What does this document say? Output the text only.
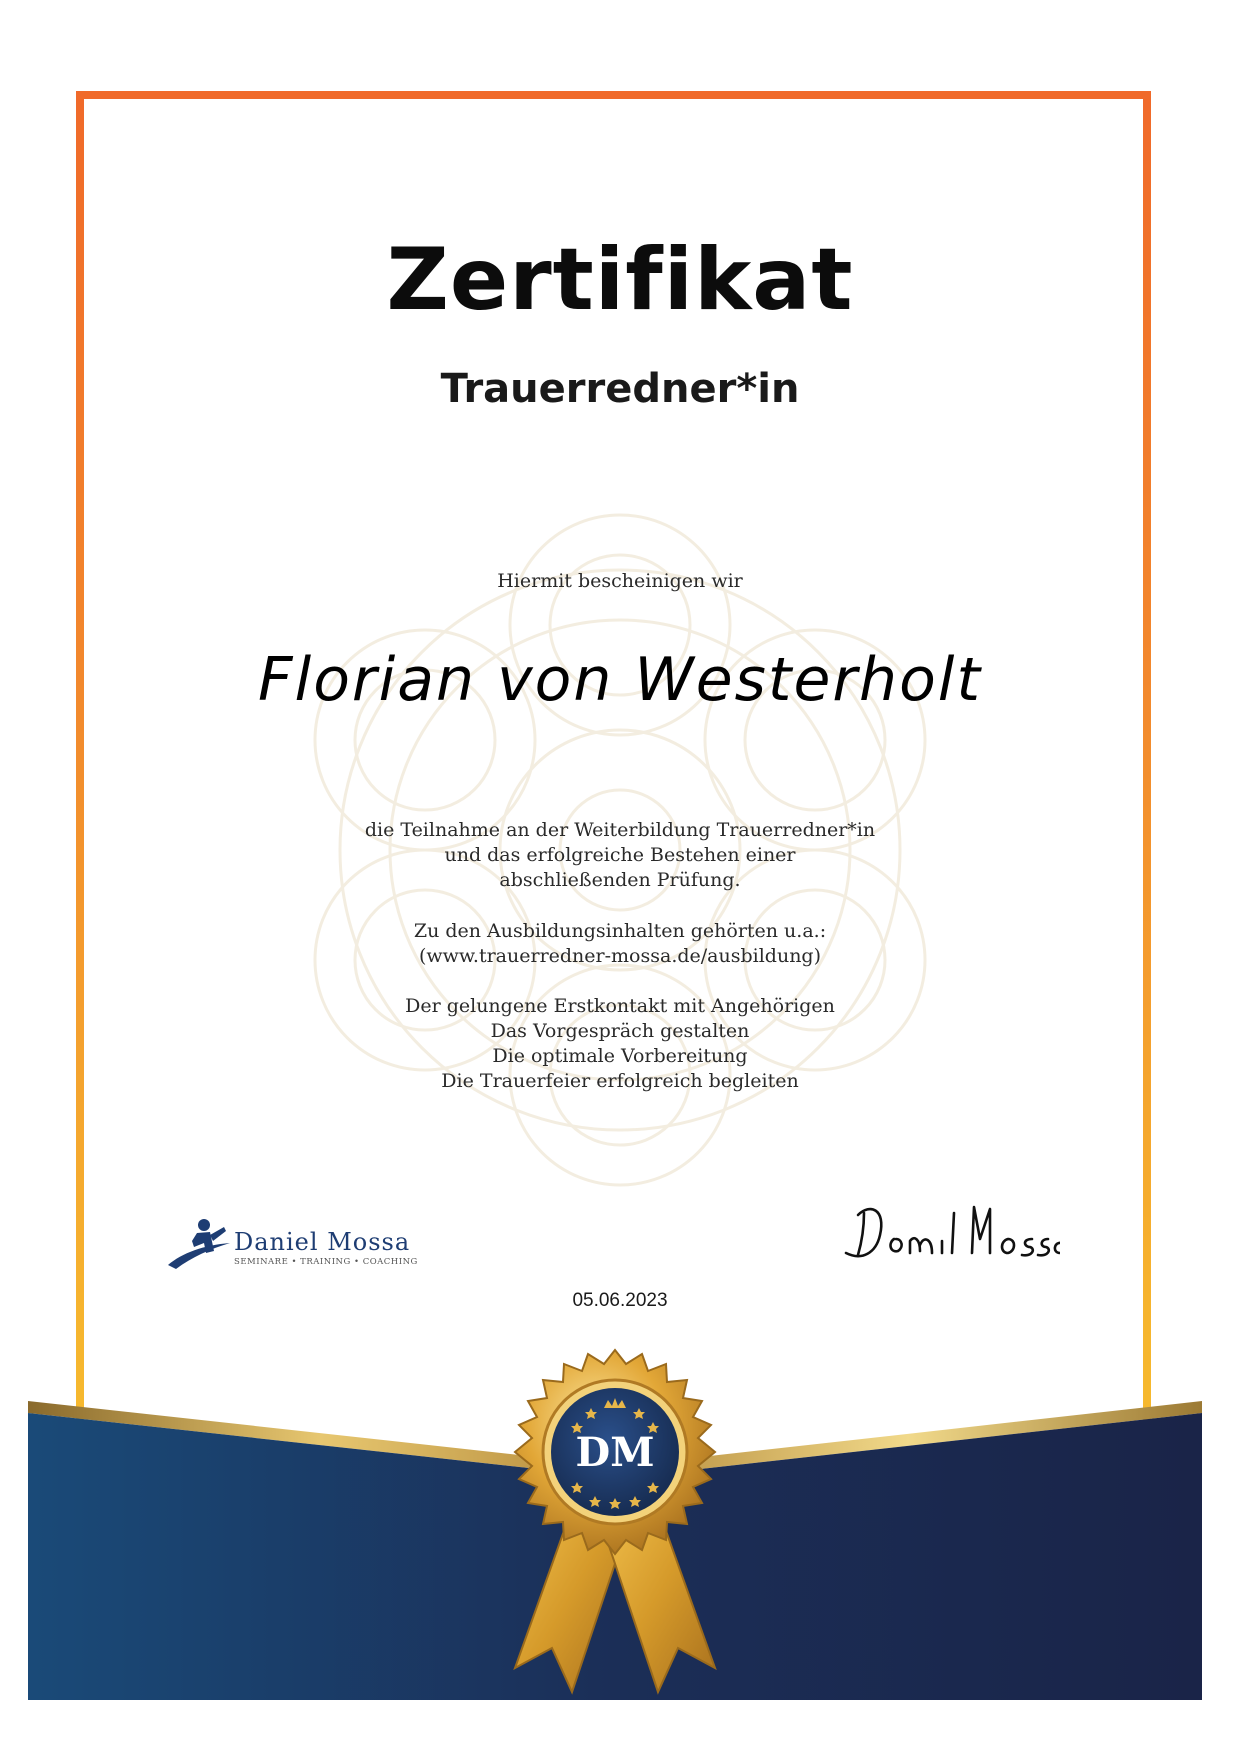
Zertifikat
Trauerredner*in
Hiermit bescheinigen wir
Florian von Westerholt
die Teilnahme an der Weiterbildung Trauerredner*in
und das erfolgreiche Bestehen einer
abschließenden Prüfung.
Zu den Ausbildungsinhalten gehörten u.a.:
(www.trauerredner-mossa.de/ausbildung)
Der gelungene Erstkontakt mit Angehörigen
Das Vorgespräch gestalten
Die optimale Vorbereitung
Die Trauerfeier erfolgreich begleiten
Daniel Mossa
SEMINARE • TRAINING • COACHING
05.06.2023
DM
